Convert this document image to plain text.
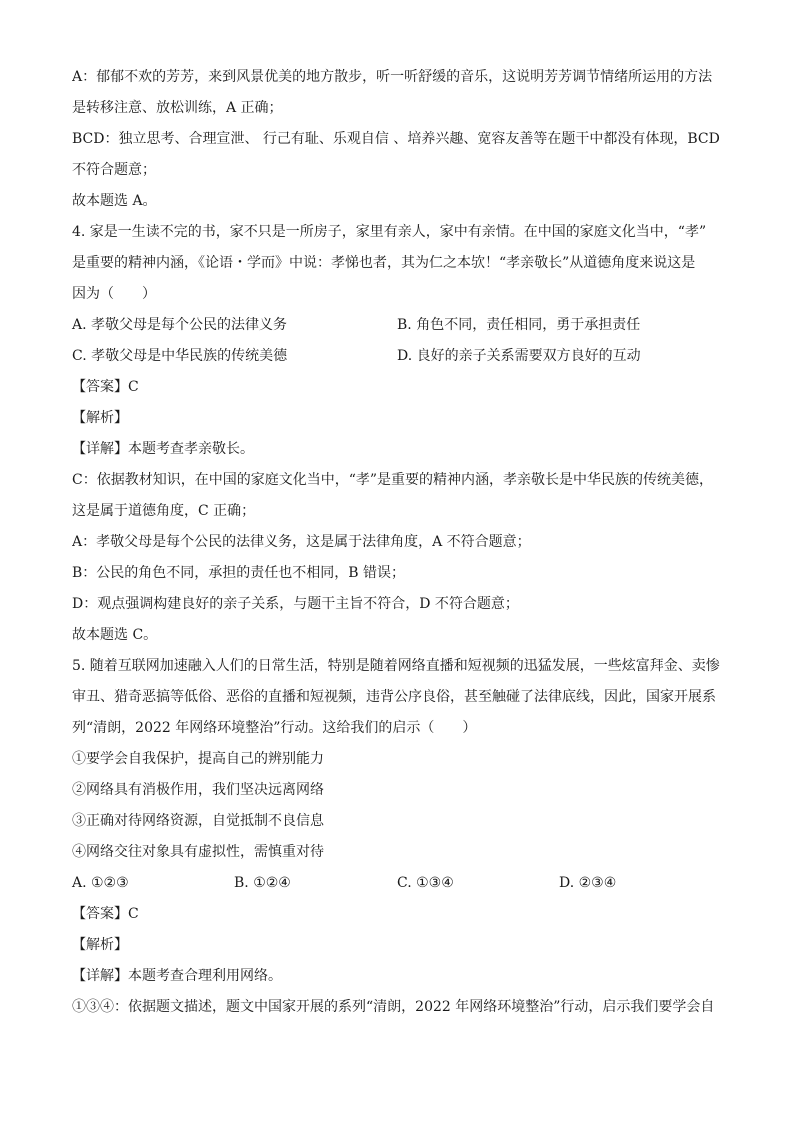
A：郁郁不欢的芳芳，来到风景优美的地方散步，听一听舒缓的音乐，这说明芳芳调节情绪所运用的方法
是转移注意、放松训练，A 正确；
BCD：独立思考、合理宣泄、 行己有耻、乐观自信 、培养兴趣、宽容友善等在题干中都没有体现，BCD
不符合题意；
故本题选 A。
4. 家是一生读不完的书，家不只是一所房子，家里有亲人，家中有亲情。在中国的家庭文化当中，“孝”
是重要的精神内涵，《论语・学而》中说：孝悌也者，其为仁之本欤！“孝亲敬长”从道德角度来说这是
因为（　　）
A. 孝敬父母是每个公民的法律义务	B. 角色不同，责任相同，勇于承担责任
C. 孝敬父母是中华民族的传统美德	D. 良好的亲子关系需要双方良好的互动
【答案】C
【解析】
【详解】本题考查孝亲敬长。
C：依据教材知识，在中国的家庭文化当中，“孝”是重要的精神内涵，孝亲敬长是中华民族的传统美德，
这是属于道德角度，C 正确；
A：孝敬父母是每个公民的法律义务，这是属于法律角度，A 不符合题意；
B：公民的角色不同，承担的责任也不相同，B 错误；
D：观点强调构建良好的亲子关系，与题干主旨不符合，D 不符合题意；
故本题选 C。
5. 随着互联网加速融入人们的日常生活，特别是随着网络直播和短视频的迅猛发展，一些炫富拜金、卖惨
审丑、猎奇恶搞等低俗、恶俗的直播和短视频，违背公序良俗，甚至触碰了法律底线，因此，国家开展系
列“清朗，2022 年网络环境整治”行动。这给我们的启示（　　）
①要学会自我保护，提高自己的辨别能力
②网络具有消极作用，我们坚决远离网络
③正确对待网络资源，自觉抵制不良信息
④网络交往对象具有虚拟性，需慎重对待
A. ①②③	B. ①②④	C. ①③④	D. ②③④
【答案】C
【解析】
【详解】本题考查合理利用网络。
①③④：依据题文描述，题文中国家开展的系列“清朗，2022 年网络环境整治”行动，启示我们要学会自
